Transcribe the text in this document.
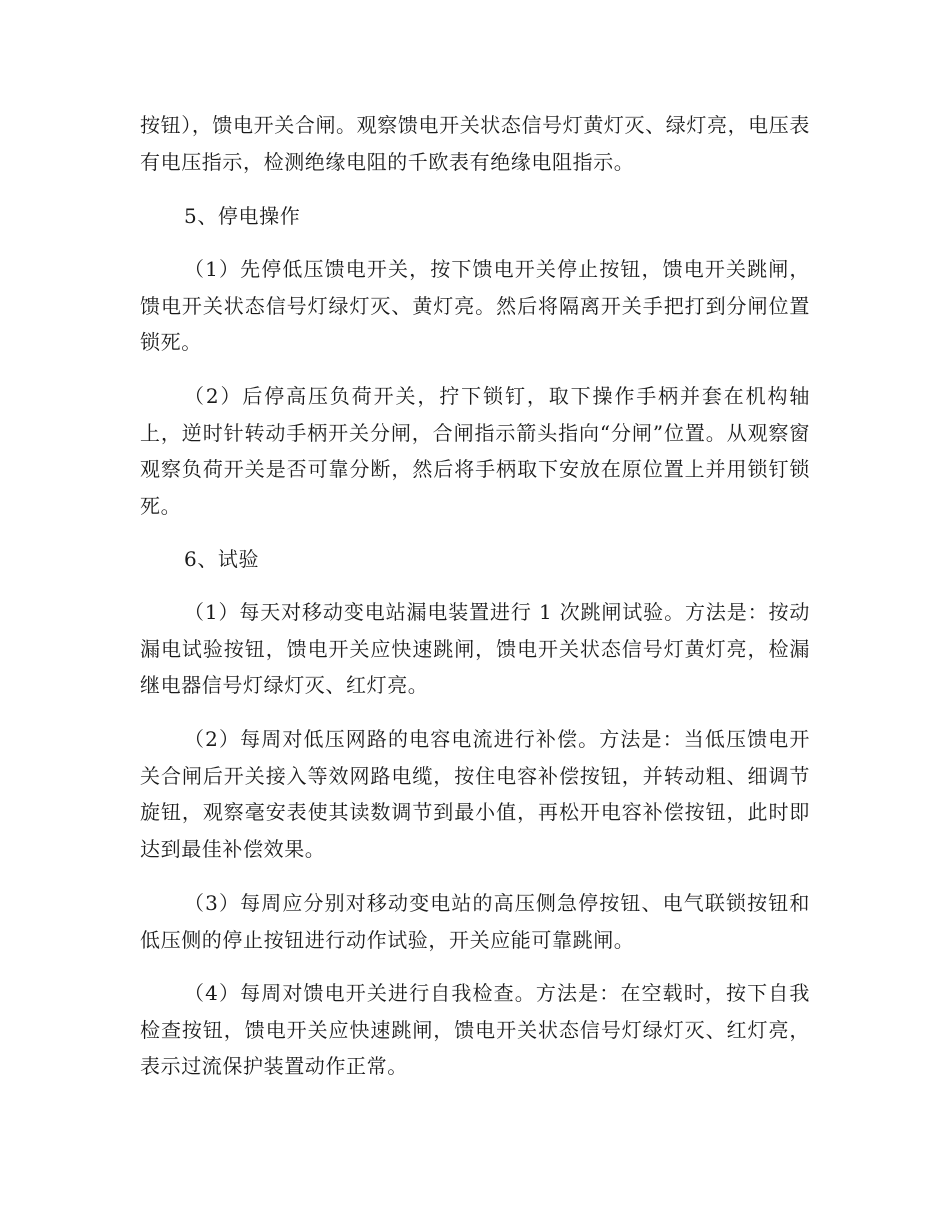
按钮），馈电开关合闸。观察馈电开关状态信号灯黄灯灭、绿灯亮，电压表有电压指示，检测绝缘电阻的千欧表有绝缘电阻指示。
5、停电操作
（1）先停低压馈电开关，按下馈电开关停止按钮，馈电开关跳闸，馈电开关状态信号灯绿灯灭、黄灯亮。然后将隔离开关手把打到分闸位置锁死。
（2）后停高压负荷开关，拧下锁钉，取下操作手柄并套在机构轴上，逆时针转动手柄开关分闸，合闸指示箭头指向“分闸”位置。从观察窗观察负荷开关是否可靠分断，然后将手柄取下安放在原位置上并用锁钉锁死。
6、试验
（1）每天对移动变电站漏电装置进行 1 次跳闸试验。方法是：按动漏电试验按钮，馈电开关应快速跳闸，馈电开关状态信号灯黄灯亮，检漏继电器信号灯绿灯灭、红灯亮。
（2）每周对低压网路的电容电流进行补偿。方法是：当低压馈电开关合闸后开关接入等效网路电缆，按住电容补偿按钮，并转动粗、细调节旋钮，观察毫安表使其读数调节到最小值，再松开电容补偿按钮，此时即达到最佳补偿效果。
（3）每周应分别对移动变电站的高压侧急停按钮、电气联锁按钮和低压侧的停止按钮进行动作试验，开关应能可靠跳闸。
（4）每周对馈电开关进行自我检查。方法是：在空载时，按下自我检查按钮，馈电开关应快速跳闸，馈电开关状态信号灯绿灯灭、红灯亮，表示过流保护装置动作正常。
